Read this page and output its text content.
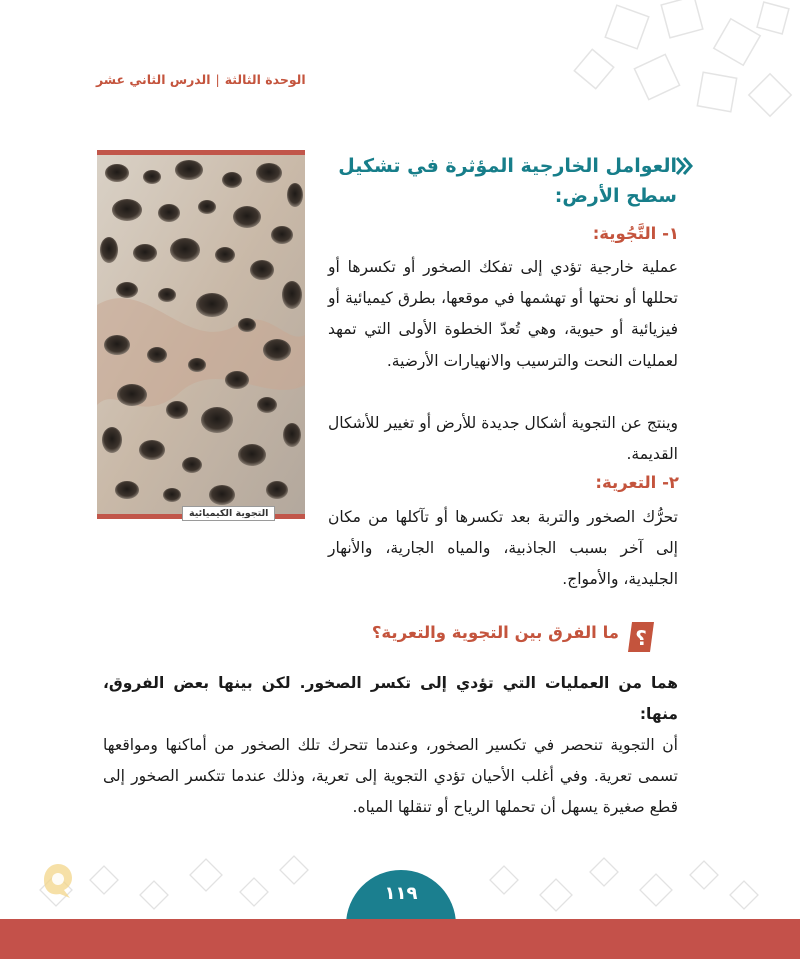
الوحدة الثالثة|الدرس الثاني عشر
التجوية الكيميائية
العوامل الخارجية المؤثرة في تشكيل سطح الأرض:
١- التَّجُوية:
عملية خارجية تؤدي إلى تفكك الصخور أو تكسرها أو تحللها أو نحتها أو تهشمها في موقعها، بطرق كيميائية أو فيزيائية أو حيوية، وهي تُعدّ الخطوة الأولى التي تمهد لعمليات النحت والترسيب والانهيارات الأرضية.
وينتج عن التجوية أشكال جديدة للأرض أو تغيير للأشكال القديمة.
٢- التعرية:
تحرُّك الصخور والتربة بعد تكسرها أو تآكلها من مكان إلى آخر بسبب الجاذبية، والمياه الجارية، والأنهار الجليدية، والأمواج.
؟
ما الفرق بين التجوية والتعرية؟
هما من العمليات التي تؤدي إلى تكسر الصخور. لكن بينها بعض الفروق، منها:
أن التجوية تنحصر في تكسير الصخور، وعندما تتحرك تلك الصخور من أماكنها ومواقعها تسمى تعرية. وفي أغلب الأحيان تؤدي التجوية إلى تعرية، وذلك عندما تتكسر الصخور إلى قطع صغيرة يسهل أن تحملها الرياح أو تنقلها المياه.
١١٩
